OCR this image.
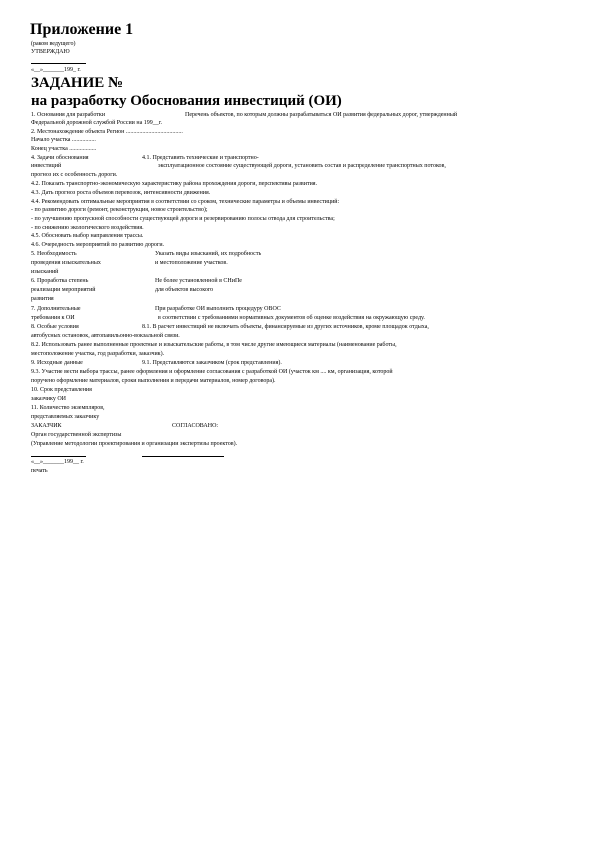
Приложение 1
(раком ведущего)
УТВЕРЖДАЮ
«__»_______199_ г.
ЗАДАНИЕ №
на разработку Обоснования инвестиций (ОИ)
1. Основания для разработки	Перечень объектов, по которым должны разрабатываться ОИ развития федеральных дорог, утвержденный
Федеральной дорожной службой России на 199__г.
2. Местонахождение объекта Регион ......................................
Начало участка ................
Конец участка ..................
4. Задачи обоснования	4.1. Представить технические и транспортно-
инвестиций	эксплуатационное состояние существующей дороги, установить состав и распределение транспортных потоков,
прогноз их с особенность дороги.
4.2. Показать транспортно-экономическую характеристику района прохождения дороги, перспективы развития.
4.3. Дать прогноз роста объемов перевозок, интенсивности движения.
4.4. Рекомендовать оптимальные мероприятия в соответствии со сроком, технические параметры и объемы инвестиций:
- по развитию дороги (ремонт, реконструкция, новое строительство);
- по улучшению пропускной способности существующей дороги и резервированию полосы отвода для строительства;
- по снижению экологического воздействия.
4.5. Обосновать выбор направления трассы.
4.6. Очередность мероприятий по развитию дороги.
5. Необходимость	Указать виды изысканий, их подробность
проведения изыскательных	и местоположение участков.
изысканий
6. Проработка степень	Не более установленной в СНиПе
реализации мероприятий	для объектов высокого
развития
7. Дополнительные	При разработке ОИ выполнить процедуру ОВОС
требования к ОИ	в соответствии с требованиями нормативных документов об оценке воздействия на окружающую среду.
8. Особые условия	8.1. В расчет инвестиций не включать объекты, финансируемые из других источников, кроме площадок отдыха,
автобусных остановок, автопавильонно-вокзальной связи.
8.2. Использовать ранее выполненные проектные и изыскательские работы, в том числе другие имеющиеся материалы (наименование работы,
местоположение участка, год разработки, заказчик).
9. Исходные данные	9.1. Представляются заказчиком (срок представления).
9.3. Участие вести выбора трассы, ранее оформления и оформление согласования с разработкой ОИ (участок км .... км, организация, которой
поручено оформление материалов, сроки выполнения и передачи материалов, номер договора).
10. Срок представления
заказчику ОИ
11. Количество экземпляров,
представляемых заказчику
ЗАКАЗЧИК	СОГЛАСОВАНО:
Орган государственной экспертизы
(Управление методологии проектирования и организации экспертизы проектов).
«__»_______199__ г.
печать
